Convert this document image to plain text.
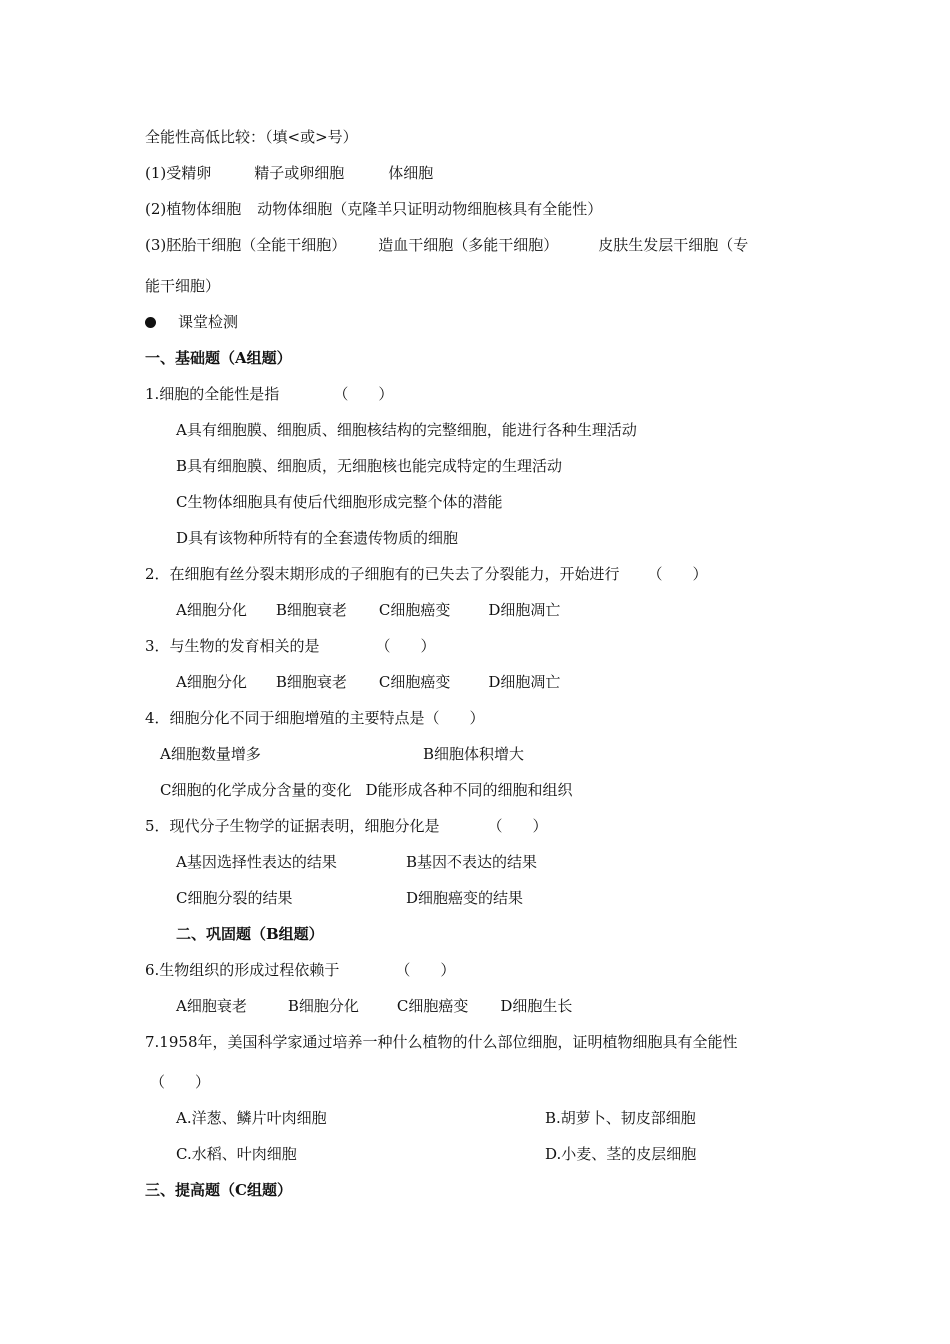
全能性高低比较：（填<或>号）
(1)受精卵	精子或卵细胞	体细胞
(2)植物体细胞 动物体细胞（克隆羊只证明动物细胞核具有全能性）
(3)胚胎干细胞（全能干细胞） 造血干细胞（多能干细胞）	皮肤生发层干细胞（专
能干细胞）
课堂检测
一、基础题（A组题）
1.细胞的全能性是指	（　　）
A具有细胞膜、细胞质、细胞核结构的完整细胞，能进行各种生理活动
B具有细胞膜、细胞质，无细胞核也能完成特定的生理活动
C生物体细胞具有使后代细胞形成完整个体的潜能
D具有该物种所特有的全套遗传物质的细胞
2．在细胞有丝分裂末期形成的子细胞有的已失去了分裂能力，开始进行 （　　）
A细胞分化 B细胞衰老 C细胞癌变	D细胞凋亡
3．与生物的发育相关的是	（　　）
A细胞分化 B细胞衰老 C细胞癌变	D细胞凋亡
4．细胞分化不同于细胞增殖的主要特点是（　　）
A细胞数量增多	B细胞体积增大
C细胞的化学成分含量的变化 D能形成各种不同的细胞和组织
5．现代分子生物学的证据表明，细胞分化是	（　　）
A基因选择性表达的结果	B基因不表达的结果
C细胞分裂的结果	D细胞癌变的结果
二、巩固题（B组题）
6.生物组织的形成过程依赖于	（　　）
A细胞衰老	B细胞分化	C细胞癌变 D细胞生长
7.1958年，美国科学家通过培养一种什么植物的什么部位细胞，证明植物细胞具有全能性
（　　）
A.洋葱、鳞片叶肉细胞	B.胡萝卜、韧皮部细胞
C.水稻、叶肉细胞	D.小麦、茎的皮层细胞
三、提高题（C组题）
